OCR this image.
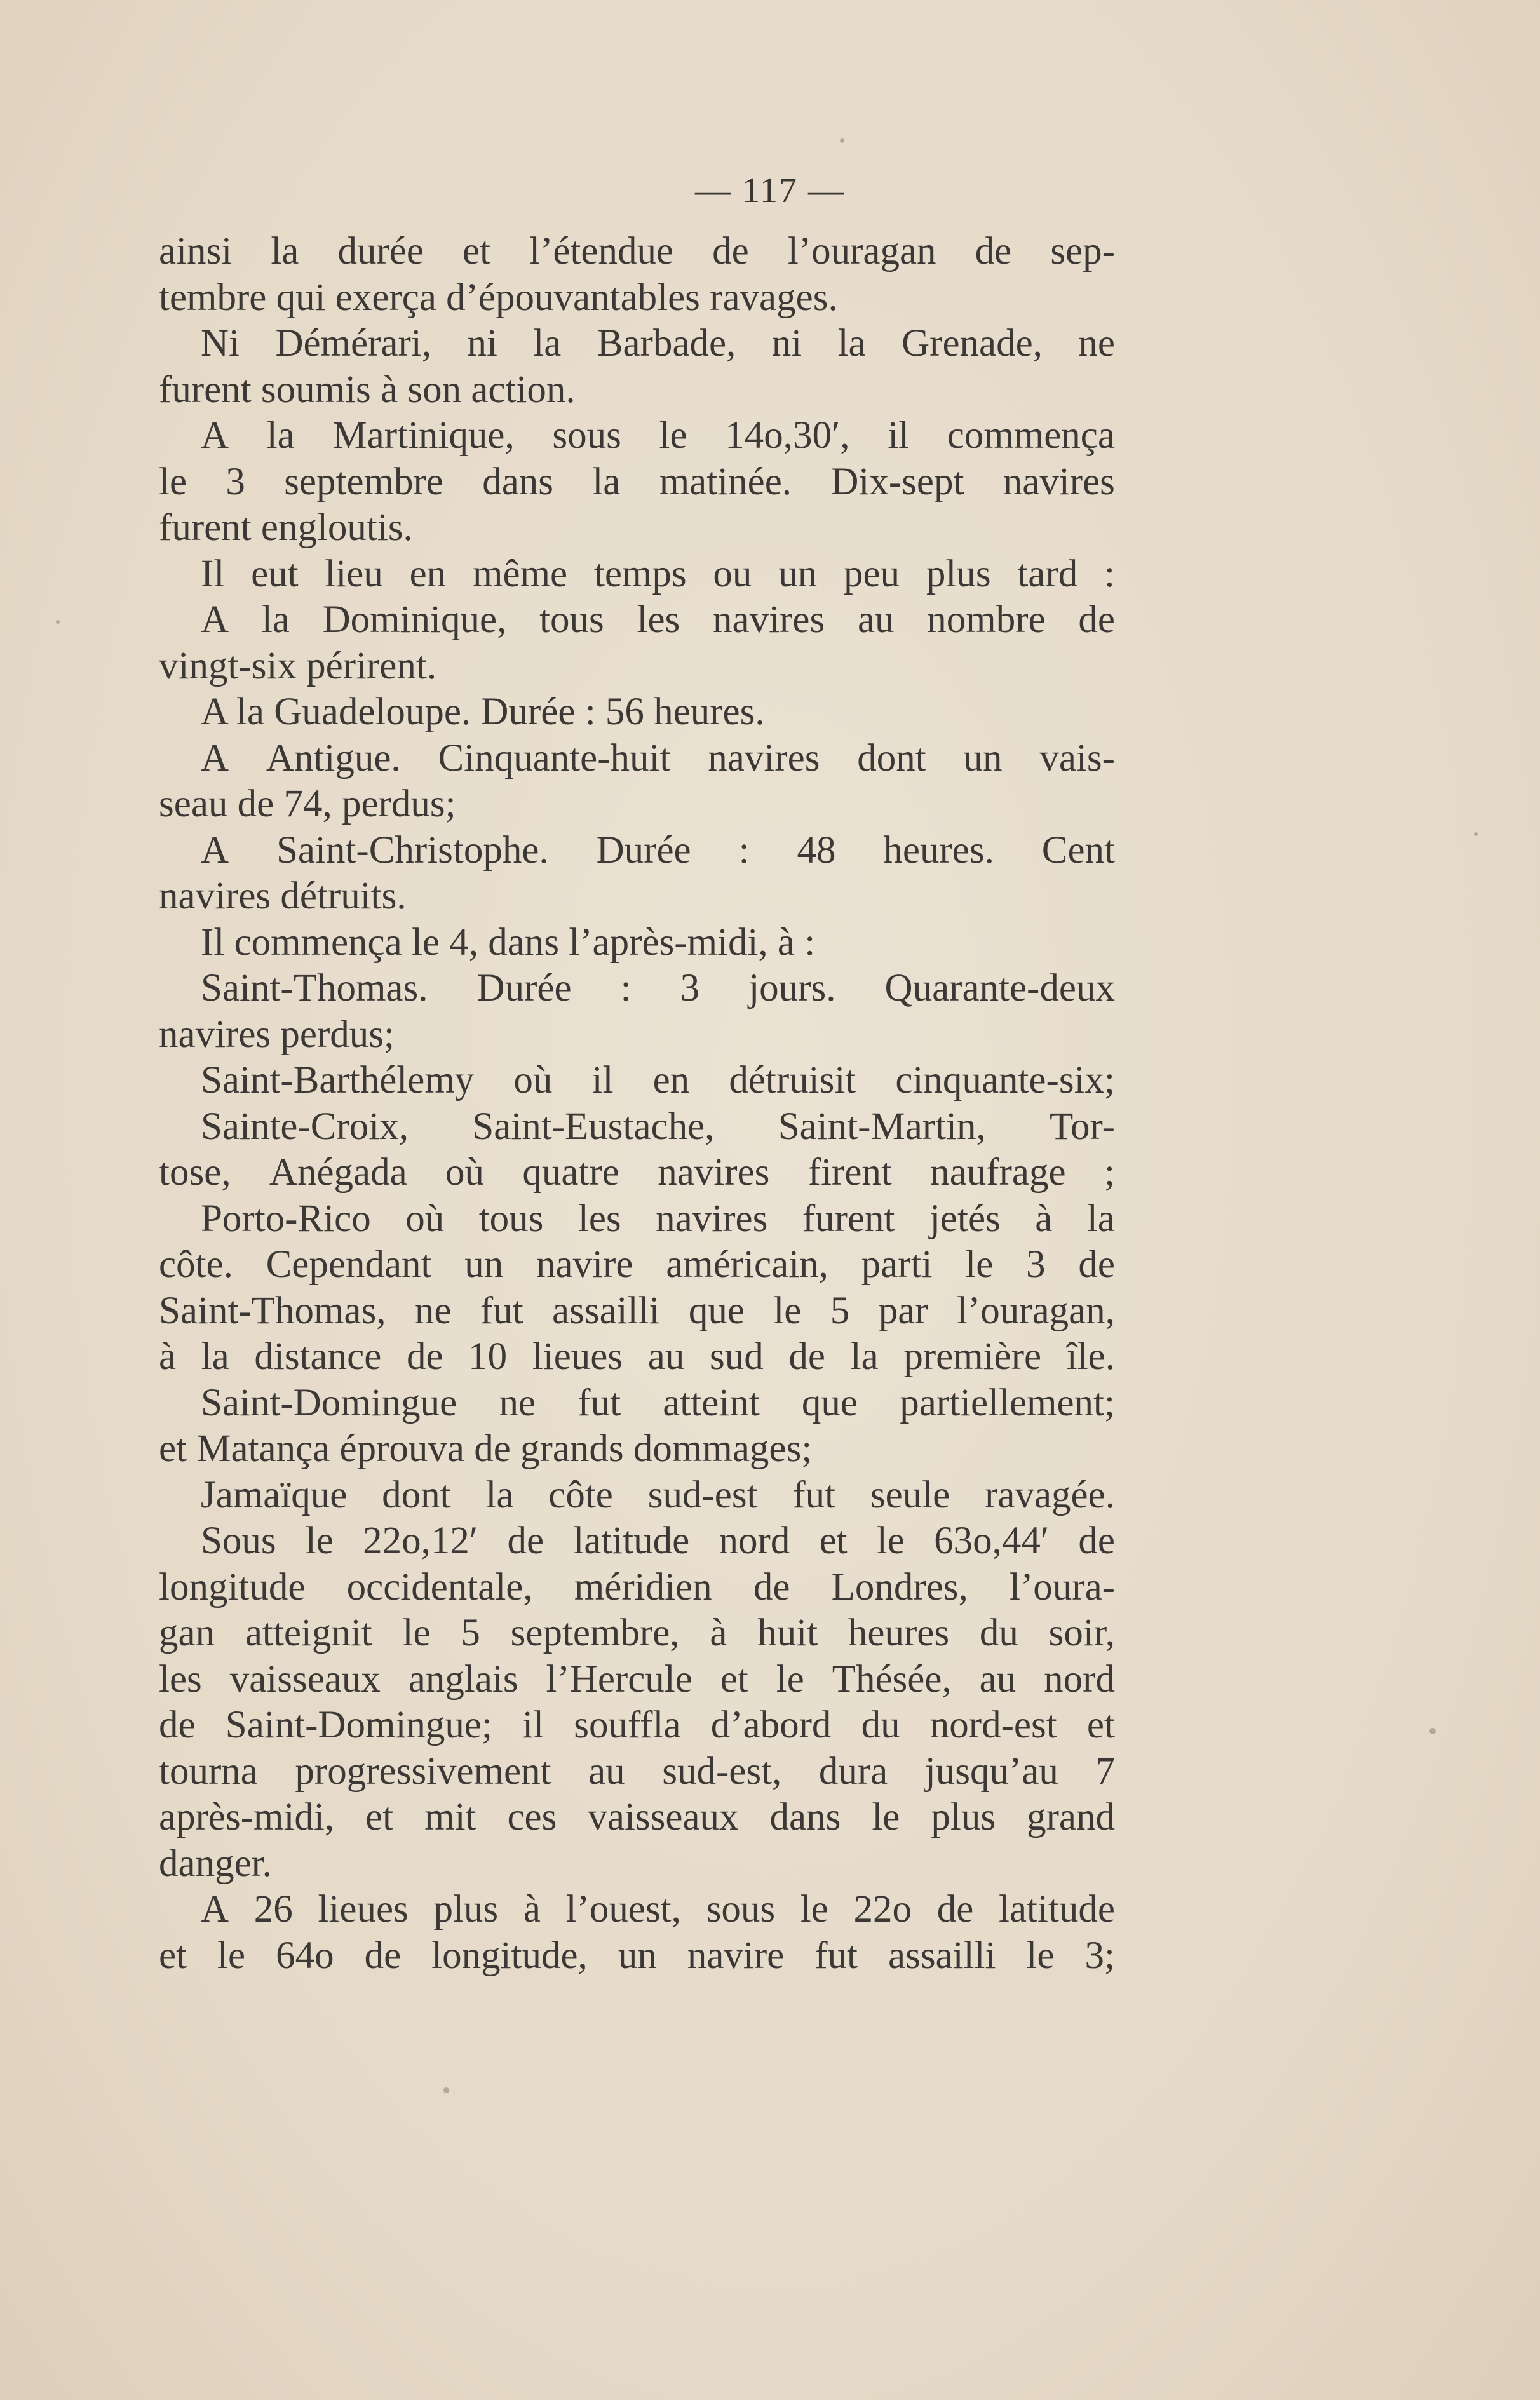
— 117 —
ainsi la durée et l’étendue de l’ouragan de sep-
tembre qui exerça d’épouvantables ravages.
Ni Démérari, ni la Barbade, ni la Grenade, ne
furent soumis à son action.
A la Martinique, sous le 14o,30′, il commença
le 3 septembre dans la matinée. Dix-sept navires
furent engloutis.
Il eut lieu en même temps ou un peu plus tard :
A la Dominique, tous les navires au nombre de
vingt-six périrent.
A la Guadeloupe. Durée : 56 heures.
A Antigue. Cinquante-huit navires dont un vais-
seau de 74, perdus;
A Saint-Christophe. Durée : 48 heures. Cent
navires détruits.
Il commença le 4, dans l’après-midi, à :
Saint-Thomas. Durée : 3 jours. Quarante-deux
navires perdus;
Saint-Barthélemy où il en détruisit cinquante-six;
Sainte-Croix, Saint-Eustache, Saint-Martin, Tor-
tose, Anégada où quatre navires firent naufrage ;
Porto-Rico où tous les navires furent jetés à la
côte. Cependant un navire américain, parti le 3 de
Saint-Thomas, ne fut assailli que le 5 par l’ouragan,
à la distance de 10 lieues au sud de la première île.
Saint-Domingue ne fut atteint que partiellement;
et Matança éprouva de grands dommages;
Jamaïque dont la côte sud-est fut seule ravagée.
Sous le 22o,12′ de latitude nord et le 63o,44′ de
longitude occidentale, méridien de Londres, l’oura-
gan atteignit le 5 septembre, à huit heures du soir,
les vaisseaux anglais l’Hercule et le Thésée, au nord
de Saint-Domingue; il souffla d’abord du nord-est et
tourna progressivement au sud-est, dura jusqu’au 7
après-midi, et mit ces vaisseaux dans le plus grand
danger.
A 26 lieues plus à l’ouest, sous le 22o de latitude
et le 64o de longitude, un navire fut assailli le 3;
